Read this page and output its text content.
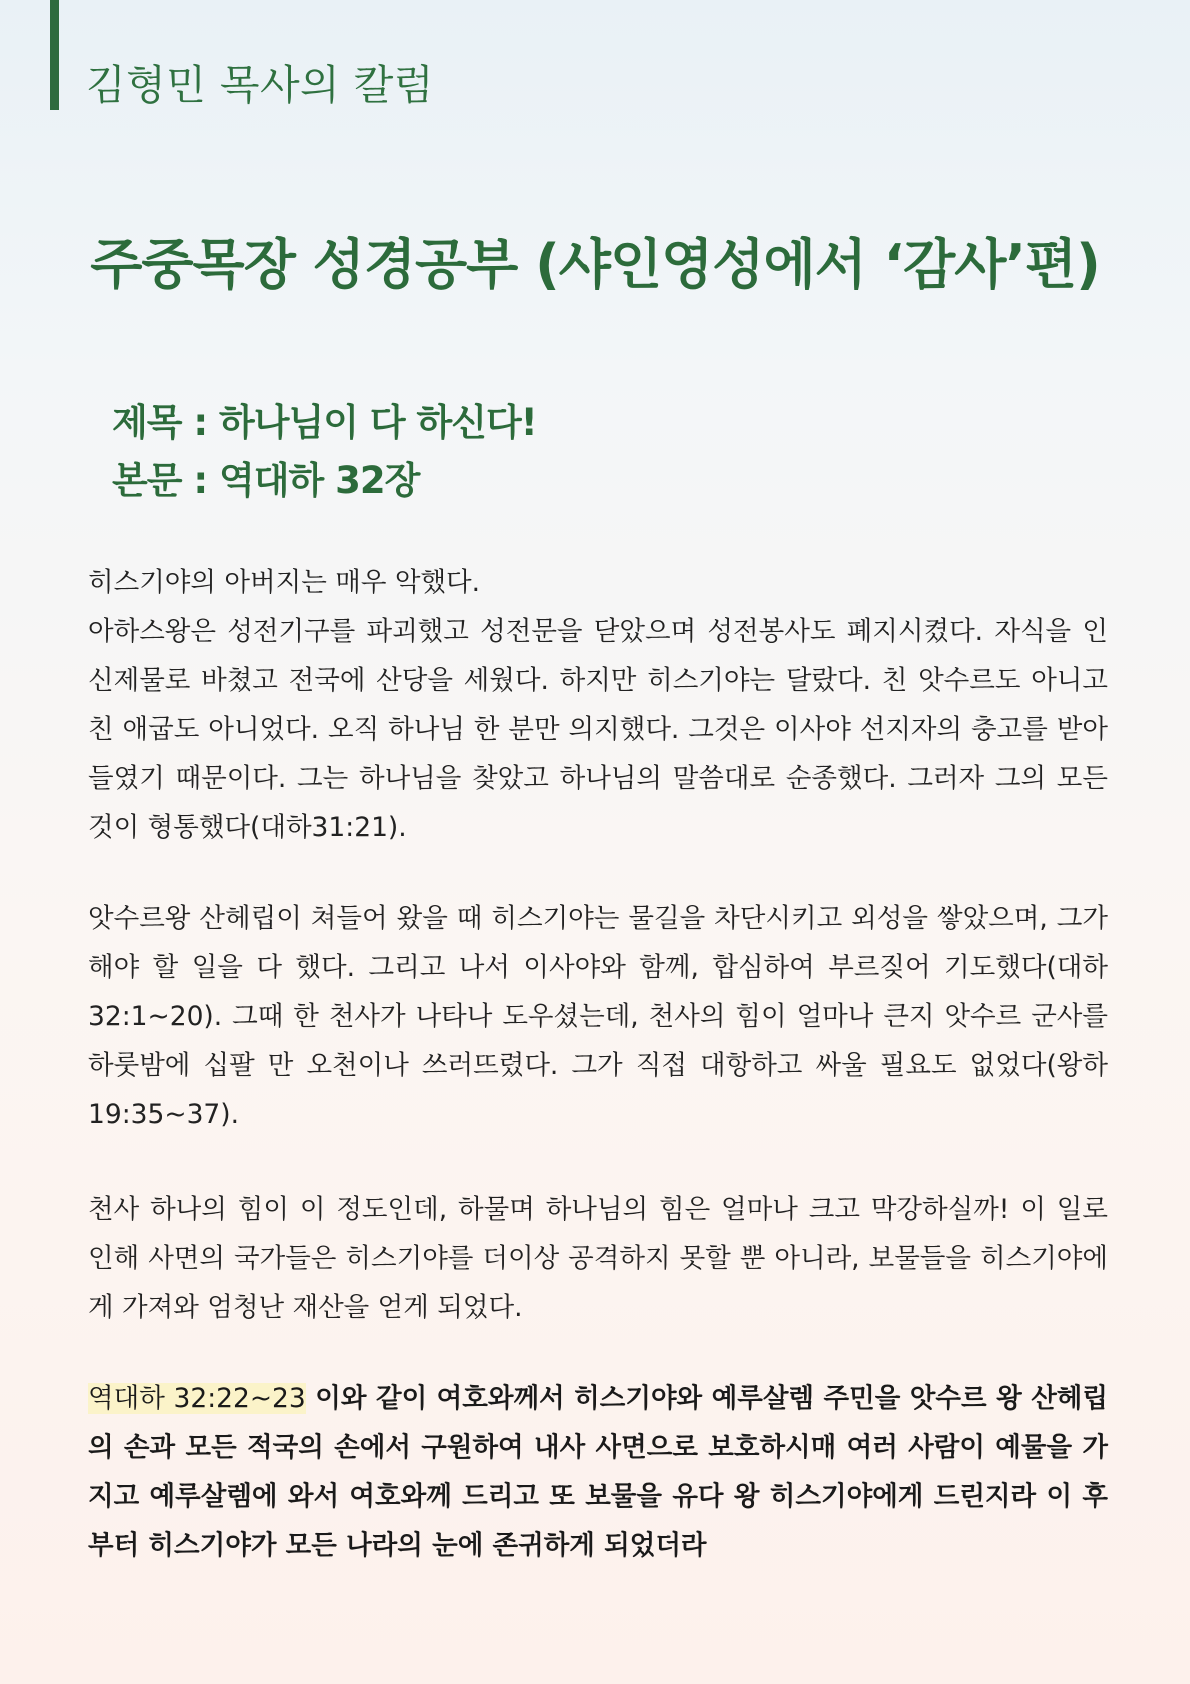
김형민 목사의 칼럼
주중목장 성경공부 (샤인영성에서 ‘감사’편)
제목 : 하나님이 다 하신다!
본문 : 역대하 32장
히스기야의 아버지는 매우 악했다.
아하스왕은 성전기구를 파괴했고 성전문을 닫았으며 성전봉사도 폐지시켰다. 자식을 인신제물로 바쳤고 전국에 산당을 세웠다. 하지만 히스기야는 달랐다. 친 앗수르도 아니고 친 애굽도 아니었다. 오직 하나님 한 분만 의지했다. 그것은 이사야 선지자의 충고를 받아들였기 때문이다. 그는 하나님을 찾았고 하나님의 말씀대로 순종했다. 그러자 그의 모든 것이 형통했다(대하31:21).
앗수르왕 산헤립이 쳐들어 왔을 때 히스기야는 물길을 차단시키고 외성을 쌓았으며, 그가 해야 할 일을 다 했다. 그리고 나서 이사야와 함께, 합심하여 부르짖어 기도했다(대하32:1~20). 그때 한 천사가 나타나 도우셨는데, 천사의 힘이 얼마나 큰지 앗수르 군사를 하룻밤에 십팔 만 오천이나 쓰러뜨렸다. 그가 직접 대항하고 싸울 필요도 없었다(왕하19:35~37).
천사 하나의 힘이 이 정도인데, 하물며 하나님의 힘은 얼마나 크고 막강하실까! 이 일로 인해 사면의 국가들은 히스기야를 더이상 공격하지 못할 뿐 아니라, 보물들을 히스기야에게 가져와 엄청난 재산을 얻게 되었다.
역대하 32:22~23 이와 같이 여호와께서 히스기야와 예루살렘 주민을 앗수르 왕 산헤립의 손과 모든 적국의 손에서 구원하여 내사 사면으로 보호하시매 여러 사람이 예물을 가지고 예루살렘에 와서 여호와께 드리고 또 보물을 유다 왕 히스기야에게 드린지라 이 후부터 히스기야가 모든 나라의 눈에 존귀하게 되었더라
